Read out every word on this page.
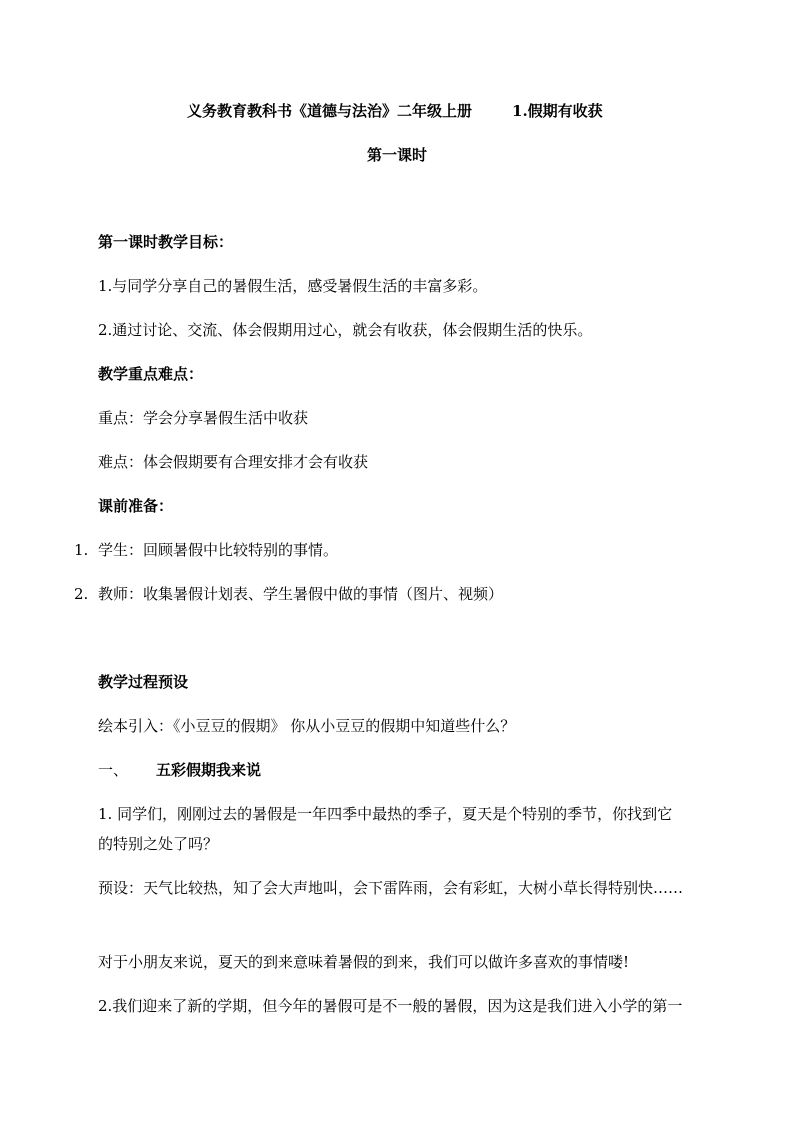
义务教育教科书《道德与法治》二年级上册	1.假期有收获
第一课时
第一课时教学目标：
1.与同学分享自己的暑假生活，感受暑假生活的丰富多彩。
2.通过讨论、交流、体会假期用过心，就会有收获，体会假期生活的快乐。
教学重点难点：
重点：学会分享暑假生活中收获
难点：体会假期要有合理安排才会有收获
课前准备：
1. 学生：回顾暑假中比较特别的事情。
2. 教师：收集暑假计划表、学生暑假中做的事情（图片、视频）
教学过程预设
绘本引入：《小豆豆的假期》 你从小豆豆的假期中知道些什么？
一、 五彩假期我来说
1. 同学们，刚刚过去的暑假是一年四季中最热的季子，夏天是个特别的季节，你找到它
的特别之处了吗？
预设：天气比较热，知了会大声地叫，会下雷阵雨，会有彩虹，大树小草长得特别快……
对于小朋友来说，夏天的到来意味着暑假的到来，我们可以做许多喜欢的事情喽!
2.我们迎来了新的学期，但今年的暑假可是不一般的暑假，因为这是我们进入小学的第一
